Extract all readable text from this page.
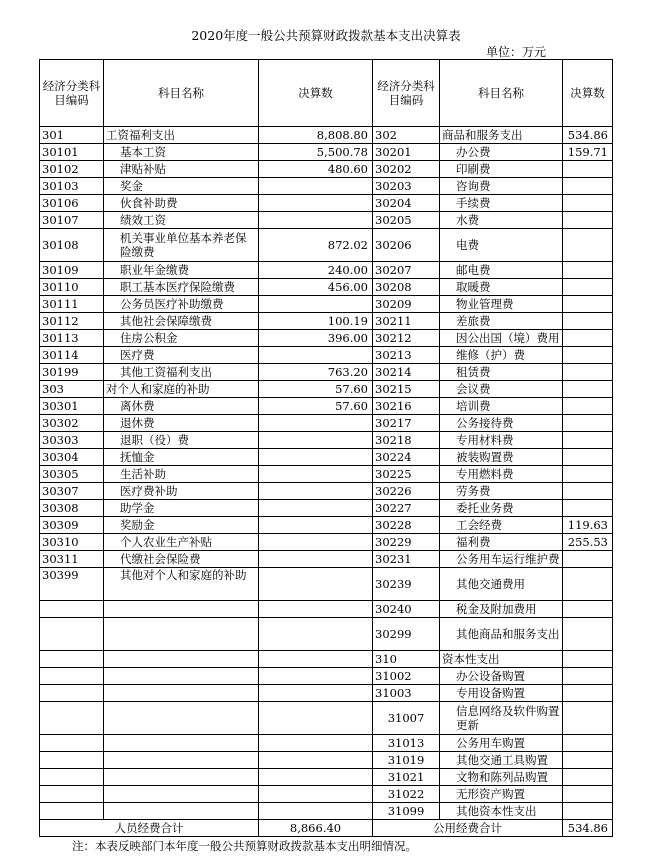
2020年度一般公共预算财政拨款基本支出决算表
单位：万元
经济分类科目编码	科目名称	决算数	经济分类科目编码	科目名称	决算数
301	工资福利支出	8,808.80	302	商品和服务支出	534.86
30101	基本工资	5,500.78	30201	办公费	159.71
30102	津贴补贴	480.60	30202	印刷费	
30103	奖金		30203	咨询费	
30106	伙食补助费		30204	手续费	
30107	绩效工资		30205	水费	
30108	机关事业单位基本养老保险缴费	872.02	30206	电费	
30109	职业年金缴费	240.00	30207	邮电费	
30110	职工基本医疗保险缴费	456.00	30208	取暖费	
30111	公务员医疗补助缴费		30209	物业管理费	
30112	其他社会保障缴费	100.19	30211	差旅费	
30113	住房公积金	396.00	30212	因公出国（境）费用	
30114	医疗费		30213	维修（护）费	
30199	其他工资福利支出	763.20	30214	租赁费	
303	对个人和家庭的补助	57.60	30215	会议费	
30301	离休费	57.60	30216	培训费	
30302	退休费		30217	公务接待费	
30303	退职（役）费		30218	专用材料费	
30304	抚恤金		30224	被装购置费	
30305	生活补助		30225	专用燃料费	
30307	医疗费补助		30226	劳务费	
30308	助学金		30227	委托业务费	
30309	奖励金		30228	工会经费	119.63
30310	个人农业生产补贴		30229	福利费	255.53
30311	代缴社会保险费		30231	公务用车运行维护费	
30399	其他对个人和家庭的补助		30239	其他交通费用	
			30240	税金及附加费用	
			30299	其他商品和服务支出	
			310	资本性支出	
			31002	办公设备购置	
			31003	专用设备购置	
			31007	信息网络及软件购置更新	
			31013	公务用车购置	
			31019	其他交通工具购置	
			31021	文物和陈列品购置	
			31022	无形资产购置	
			31099	其他资本性支出	
人员经费合计		8,866.40	公用经费合计		534.86
注：本表反映部门本年度一般公共预算财政拨款基本支出明细情况。
